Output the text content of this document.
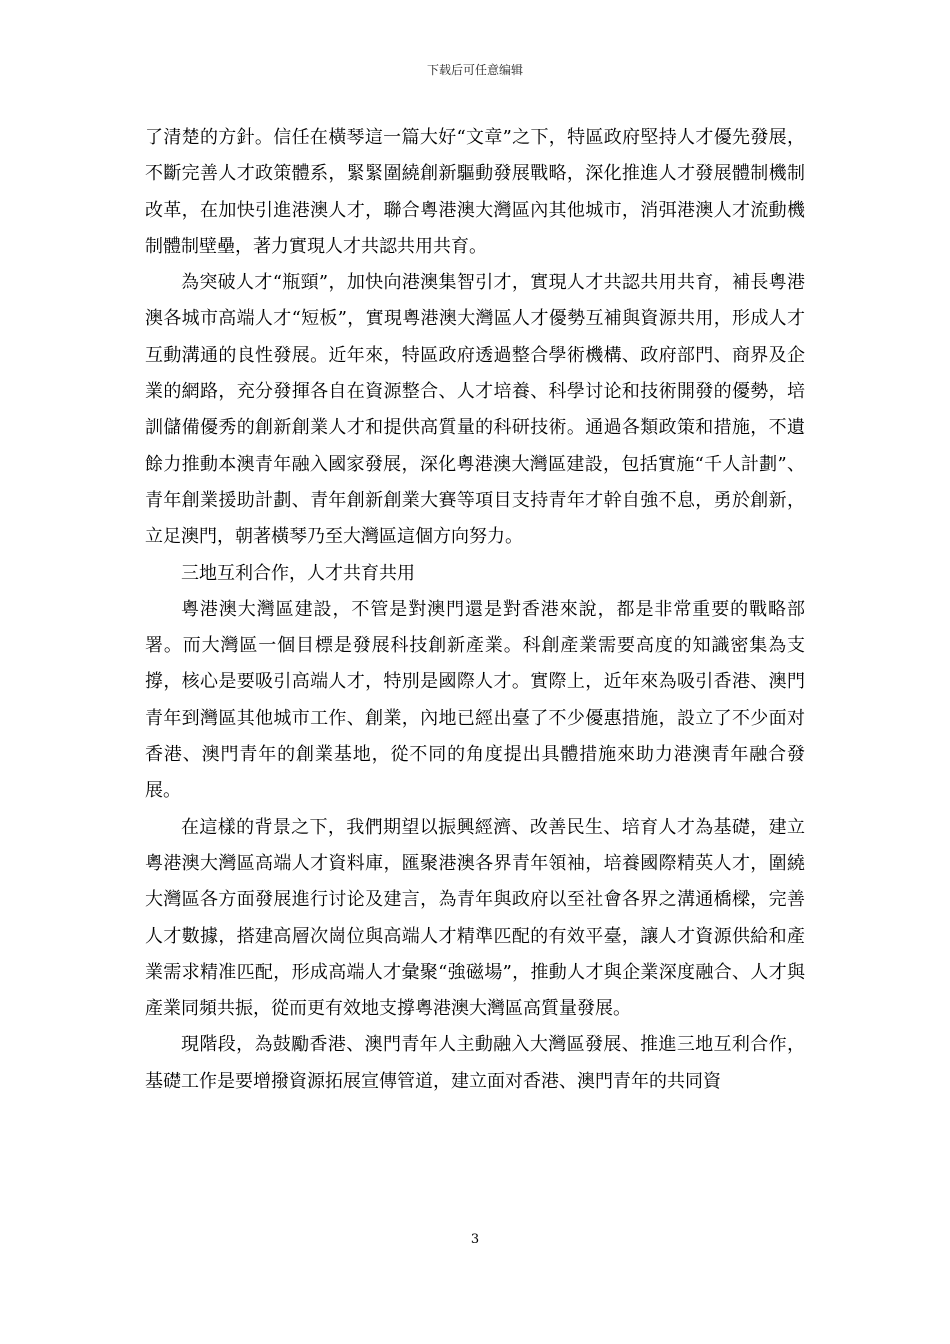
下载后可任意编辑

了清楚的方針。信任在橫琴這一篇大好“文章”之下，特區政府堅持人才優先發展，不斷完善人才政策體系，緊緊圍繞創新驅動發展戰略，深化推進人才發展體制機制改革，在加快引進港澳人才，聯合粵港澳大灣區內其他城市，消弭港澳人才流動機制體制壁壘，著力實現人才共認共用共育。

為突破人才“瓶頸”，加快向港澳集智引才，實現人才共認共用共育，補長粵港澳各城市高端人才“短板”，實現粵港澳大灣區人才優勢互補與資源共用，形成人才互動溝通的良性發展。近年來，特區政府透過整合學術機構、政府部門、商界及企業的網路，充分發揮各自在資源整合、人才培養、科學讨论和技術開發的優勢，培訓儲備優秀的創新創業人才和提供高質量的科研技術。通過各類政策和措施，不遺餘力推動本澳青年融入國家發展，深化粵港澳大灣區建設，包括實施“千人計劃”、青年創業援助計劃、青年創新創業大賽等項目支持青年才幹自強不息，勇於創新，立足澳門，朝著橫琴乃至大灣區這個方向努力。

三地互利合作，人才共育共用

粵港澳大灣區建設，不管是對澳門還是對香港來說，都是非常重要的戰略部署。而大灣區一個目標是發展科技創新產業。科創產業需要高度的知識密集為支撐，核心是要吸引高端人才，特別是國際人才。實際上，近年來為吸引香港、澳門青年到灣區其他城市工作、創業，內地已經出臺了不少優惠措施，設立了不少面对香港、澳門青年的創業基地，從不同的角度提出具體措施來助力港澳青年融合發展。

在這樣的背景之下，我們期望以振興經濟、改善民生、培育人才為基礎，建立粵港澳大灣區高端人才資料庫，匯聚港澳各界青年領袖，培養國際精英人才，圍繞大灣區各方面發展進行讨论及建言，為青年與政府以至社會各界之溝通橋樑，完善人才數據，搭建高層次崗位與高端人才精準匹配的有效平臺，讓人才資源供給和產業需求精准匹配，形成高端人才彙聚“強磁場”，推動人才與企業深度融合、人才與產業同頻共振，從而更有效地支撐粵港澳大灣區高質量發展。

現階段，為鼓勵香港、澳門青年人主動融入大灣區發展、推進三地互利合作，基礎工作是要增撥資源拓展宣傳管道，建立面对香港、澳門青年的共同資

3
